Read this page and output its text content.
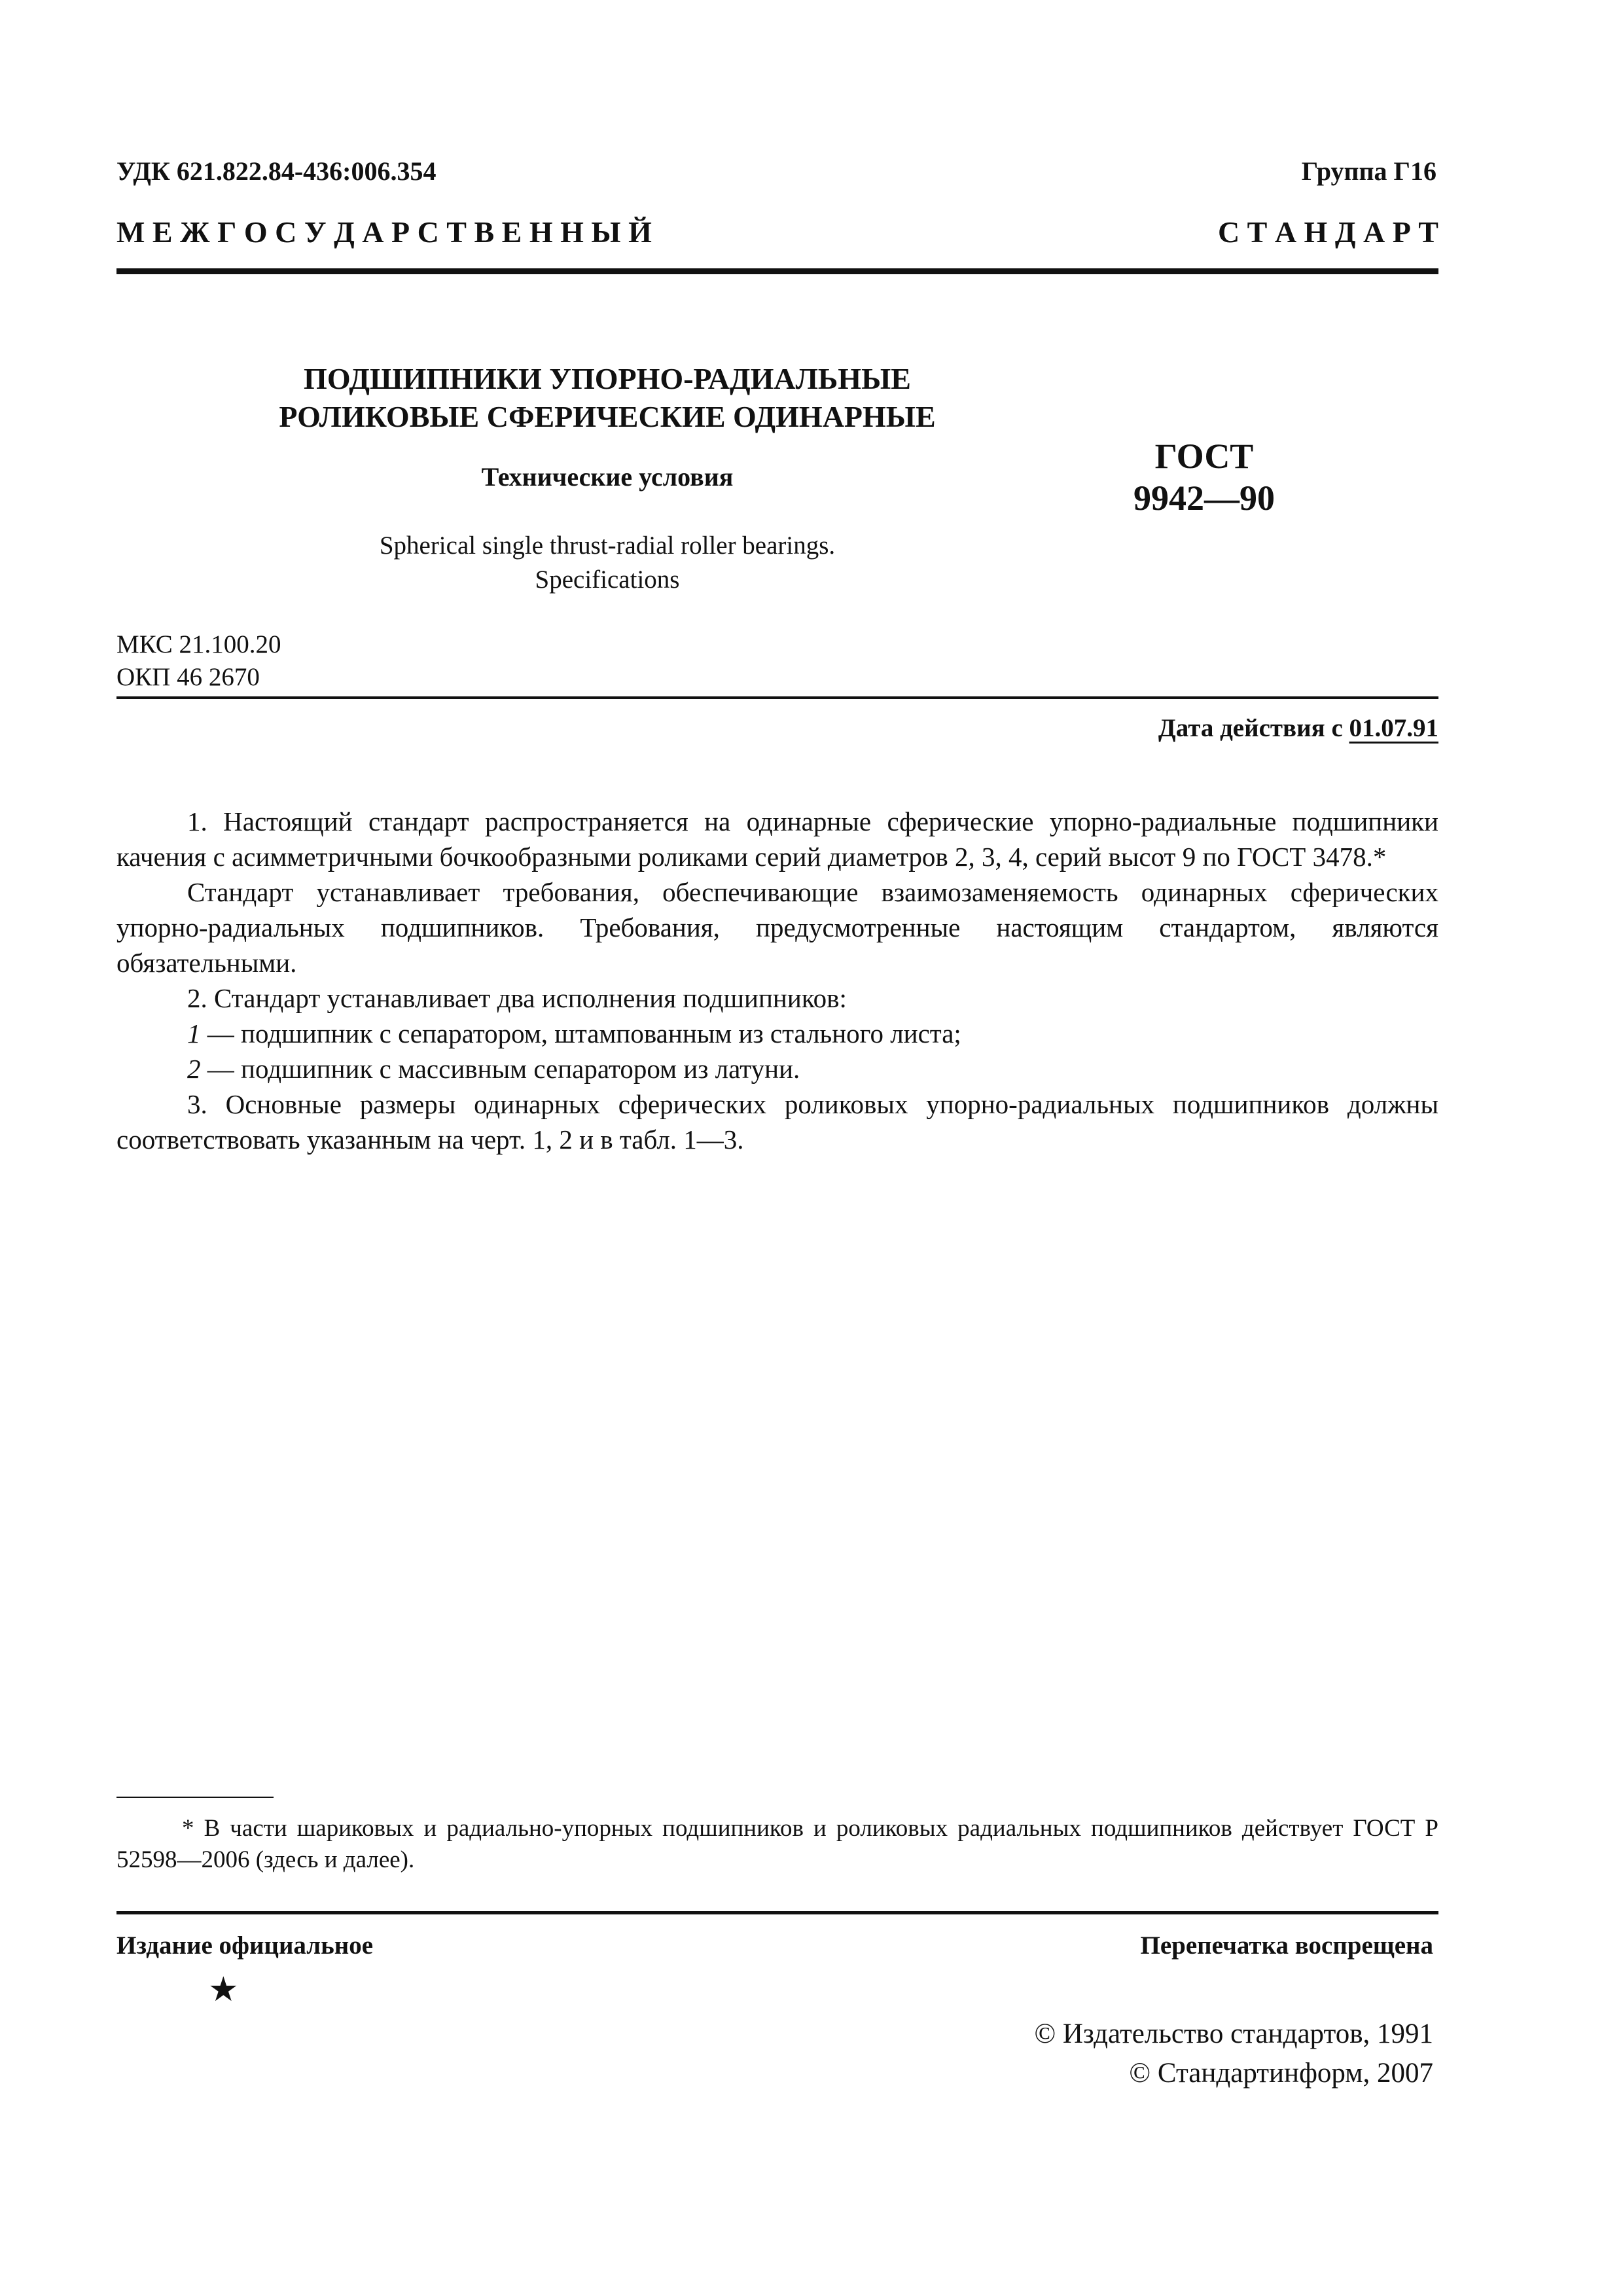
УДК 621.822.84-436:006.354	Группа Г16
М Е Ж Г О С У Д А Р С Т В Е Н Н Ы Й	С Т А Н Д А Р Т
ПОДШИПНИКИ УПОРНО-РАДИАЛЬНЫЕ
РОЛИКОВЫЕ СФЕРИЧЕСКИЕ ОДИНАРНЫЕ
Технические условия
ГОСТ
9942—90
Spherical single thrust-radial roller bearings.
Specifications
МКС 21.100.20
ОКП 46 2670
Дата действия с 01.07.91

1. Настоящий стандарт распространяется на одинарные сферические упорно-радиальные подшипники качения с асимметричными бочкообразными роликами серий диаметров 2, 3, 4, серий высот 9 по ГОСТ 3478.*

Стандарт устанавливает требования, обеспечивающие взаимозаменяемость одинарных сферических упорно-радиальных подшипников. Требования, предусмотренные настоящим стандартом, являются обязательными.

2. Стандарт устанавливает два исполнения подшипников:

1 — подшипник с сепаратором, штампованным из стального листа;

2 — подшипник с массивным сепаратором из латуни.

3. Основные размеры одинарных сферических роликовых упорно-радиальных подшипников должны соответствовать указанным на черт. 1, 2 и в табл. 1—3.

* В части шариковых и радиально-упорных подшипников и роликовых радиальных подшипников действует ГОСТ Р 52598—2006 (здесь и далее).
Издание официальное	Перепечатка воспрещена
★
© Издательство стандартов, 1991
© Стандартинформ, 2007
